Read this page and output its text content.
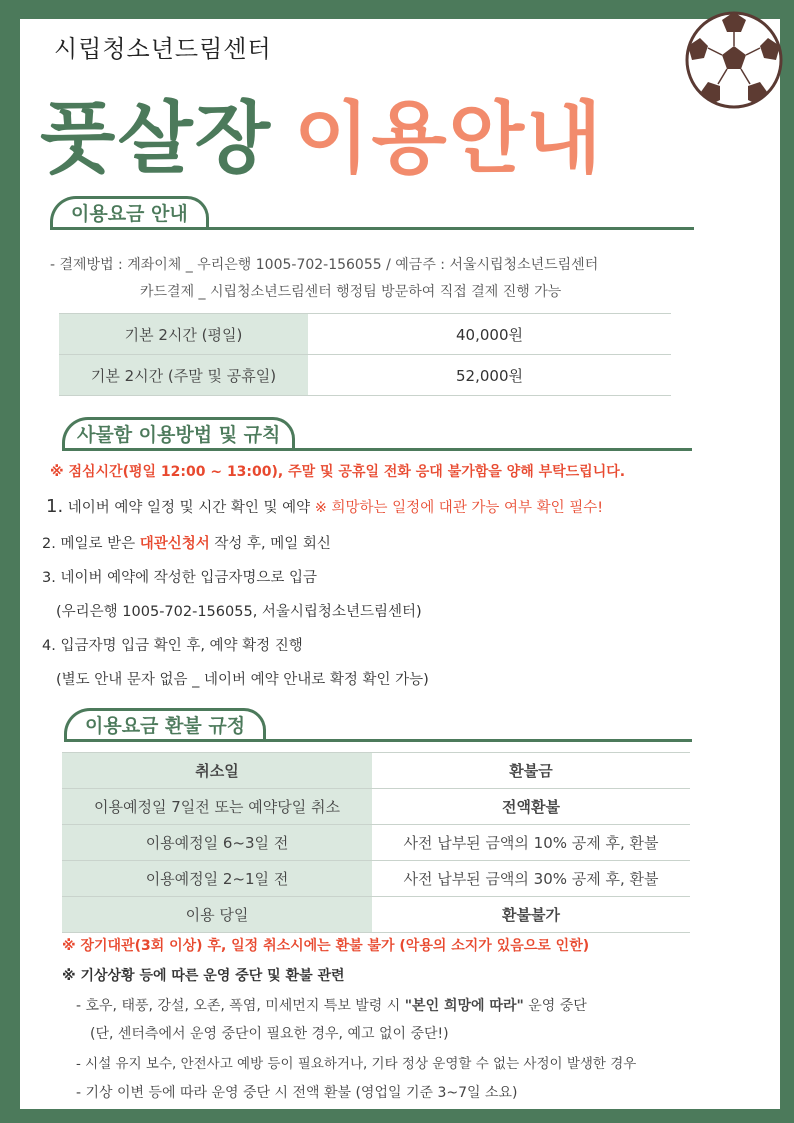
시립청소년드림센터
풋살장 이용안내
이용요금 안내
- 결제방법 : 계좌이체 _ 우리은행 1005-702-156055 / 예금주 : 서울시립청소년드림센터
카드결제 _ 시립청소년드림센터 행정팀 방문하여 직접 결제 진행 가능
기본 2시간 (평일)	40,000원
기본 2시간 (주말 및 공휴일)	52,000원
사물함 이용방법 및 규칙
※ 점심시간(평일 12:00 ~ 13:00), 주말 및 공휴일 전화 응대 불가함을 양해 부탁드립니다.
1. 네이버 예약 일정 및 시간 확인 및 예약 ※ 희망하는 일정에 대관 가능 여부 확인 필수!
2. 메일로 받은 대관신청서 작성 후, 메일 회신
3. 네이버 예약에 작성한 입금자명으로 입금
(우리은행 1005-702-156055, 서울시립청소년드림센터)
4. 입금자명 입금 확인 후, 예약 확정 진행
(별도 안내 문자 없음 _ 네이버 예약 안내로 확정 확인 가능)
이용요금 환불 규정
취소일	환불금
이용예정일 7일전 또는 예약당일 취소	전액환불
이용예정일 6~3일 전	사전 납부된 금액의 10% 공제 후, 환불
이용예정일 2~1일 전	사전 납부된 금액의 30% 공제 후, 환불
이용 당일	환불불가
※ 장기대관(3회 이상) 후, 일정 취소시에는 환불 불가 (악용의 소지가 있음으로 인한)
※ 기상상황 등에 따른 운영 중단 및 환불 관련
- 호우, 태풍, 강설, 오존, 폭염, 미세먼지 특보 발령 시 "본인 희망에 따라" 운영 중단
(단, 센터측에서 운영 중단이 필요한 경우, 예고 없이 중단!)
- 시설 유지 보수, 안전사고 예방 등이 필요하거나, 기타 정상 운영할 수 없는 사정이 발생한 경우
- 기상 이변 등에 따라 운영 중단 시 전액 환불 (영업일 기준 3~7일 소요)
